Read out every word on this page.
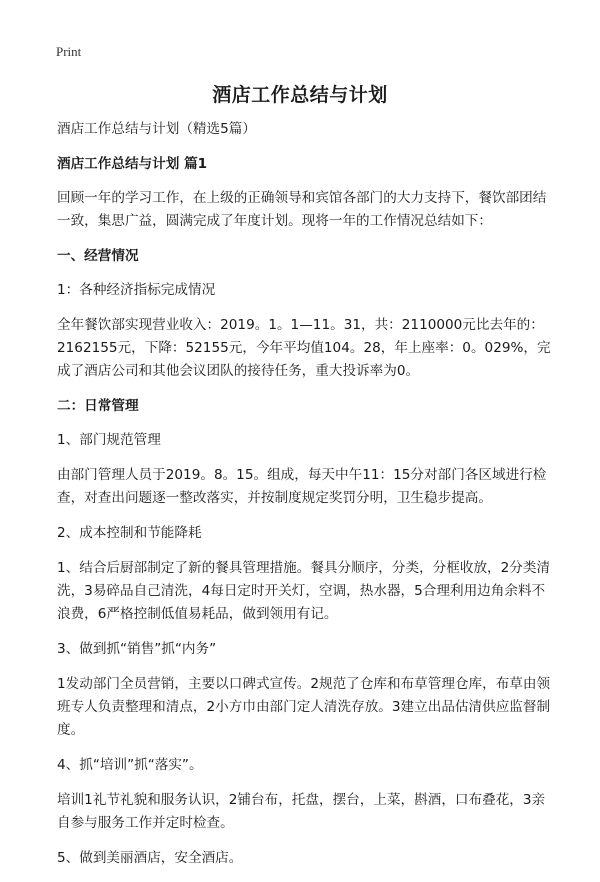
Print
酒店工作总结与计划

酒店工作总结与计划（精选5篇）

酒店工作总结与计划 篇1

回顾一年的学习工作，在上级的正确领导和宾馆各部门的大力支持下，餐饮部团结一致，集思广益，圆满完成了年度计划。现将一年的工作情况总结如下：

一、经营情况

1：各种经济指标完成情况

全年餐饮部实现营业收入：2019。1。1—11。31，共：2110000元比去年的：2162155元，下降：52155元，今年平均值104。28，年上座率：0。029%，完成了酒店公司和其他会议团队的接待任务，重大投诉率为0。

二：日常管理

1、部门规范管理

由部门管理人员于2019。8。15。组成，每天中午11：15分对部门各区域进行检查，对查出问题逐一整改落实，并按制度规定奖罚分明，卫生稳步提高。

2、成本控制和节能降耗

1、结合后厨部制定了新的餐具管理措施。餐具分顺序，分类，分框收放，2分类清洗，3易碎品自己清洗，4每日定时开关灯，空调，热水器，5合理利用边角余料不浪费，6严格控制低值易耗品，做到领用有记。

3、做到抓“销售”抓“内务”

1发动部门全员营销，主要以口碑式宣传。2规范了仓库和布草管理仓库，布草由领班专人负责整理和清点，2小方巾由部门定人清洗存放。3建立出品估清供应监督制度。

4、抓“培训”抓“落实”。

培训1礼节礼貌和服务认识，2铺台布，托盘，摆台，上菜，斟酒，口布叠花，3亲自参与服务工作并定时检查。

5、做到美丽酒店，安全酒店。
